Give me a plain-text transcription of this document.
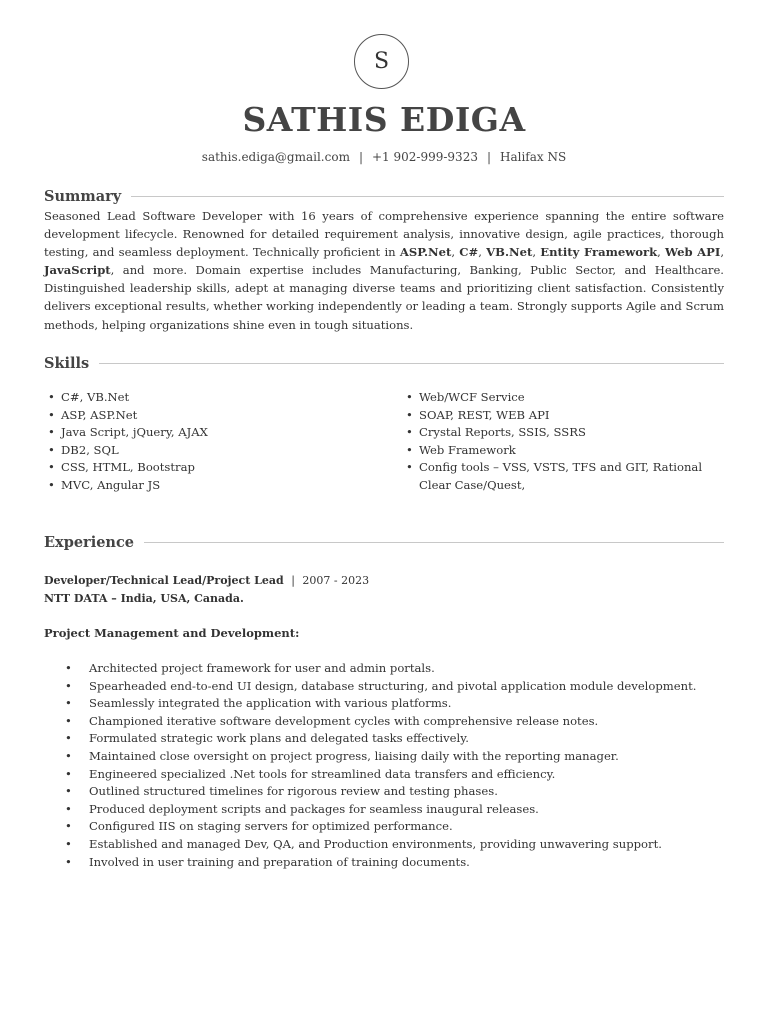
S
SATHIS EDIGA
sathis.ediga@gmail.com | +1 902-999-9323 | Halifax NS
Summary
Seasoned Lead Software Developer with 16 years of comprehensive experience spanning the entire software development lifecycle. Renowned for detailed requirement analysis, innovative design, agile practices, thorough testing, and seamless deployment. Technically proficient in ASP.Net, C#, VB.Net, Entity Framework, Web API, JavaScript, and more. Domain expertise includes Manufacturing, Banking, Public Sector, and Healthcare. Distinguished leadership skills, adept at managing diverse teams and prioritizing client satisfaction. Consistently delivers exceptional results, whether working independently or leading a team. Strongly supports Agile and Scrum methods, helping organizations shine even in tough situations.
Skills
• C#, VB.Net
• ASP, ASP.Net
• Java Script, jQuery, AJAX
• DB2, SQL
• CSS, HTML, Bootstrap
• MVC, Angular JS
• Web/WCF Service
• SOAP, REST, WEB API
• Crystal Reports, SSIS, SSRS
• Web Framework
• Config tools – VSS, VSTS, TFS and GIT, Rational Clear Case/Quest,
Experience
Developer/Technical Lead/Project Lead | 2007 - 2023
NTT DATA – India, USA, Canada.
Project Management and Development:
• Architected project framework for user and admin portals.
• Spearheaded end-to-end UI design, database structuring, and pivotal application module development.
• Seamlessly integrated the application with various platforms.
• Championed iterative software development cycles with comprehensive release notes.
• Formulated strategic work plans and delegated tasks effectively.
• Maintained close oversight on project progress, liaising daily with the reporting manager.
• Engineered specialized .Net tools for streamlined data transfers and efficiency.
• Outlined structured timelines for rigorous review and testing phases.
• Produced deployment scripts and packages for seamless inaugural releases.
• Configured IIS on staging servers for optimized performance.
• Established and managed Dev, QA, and Production environments, providing unwavering support.
• Involved in user training and preparation of training documents.
